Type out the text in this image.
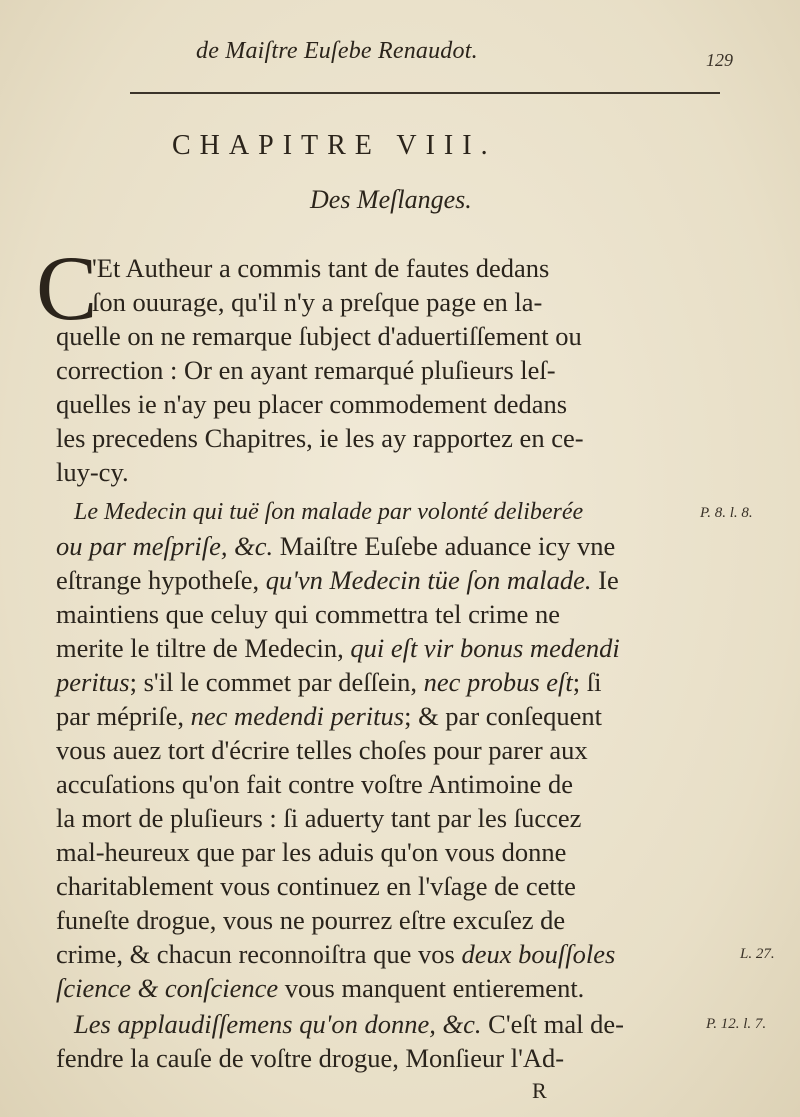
de Maiſtre Euſebe Renaudot.	129
CHAPITRE VIII.
Des Meſlanges.
C
'Et Autheur a commis tant de fautes dedans
ſon ouurage, qu'il n'y a preſque page en la-
quelle on ne remarque ſubject d'aduertiſſement ou
correction : Or en ayant remarqué pluſieurs leſ-
quelles ie n'ay peu placer commodement dedans
les precedens Chapitres, ie les ay rapportez en ce-
luy-cy.
Le Medecin qui tuë ſon malade par volonté deliberée
ou par meſpriſe, &c. Maiſtre Euſebe aduance icy vne
eſtrange hypotheſe, qu'vn Medecin tüe ſon malade. Ie
maintiens que celuy qui commettra tel crime ne
merite le tiltre de Medecin, qui eſt vir bonus medendi
peritus; s'il le commet par deſſein, nec probus eſt; ſi
par mépriſe, nec medendi peritus; & par conſequent
vous auez tort d'écrire telles choſes pour parer aux
accuſations qu'on fait contre voſtre Antimoine de
la mort de pluſieurs : ſi aduerty tant par les ſuccez
mal-heureux que par les aduis qu'on vous donne
charitablement vous continuez en l'vſage de cette
funeſte drogue, vous ne pourrez eſtre excuſez de
crime, & chacun reconnoiſtra que vos deux bouſſoles
ſcience & conſcience vous manquent entierement.
Les applaudiſſemens qu'on donne, &c. C'eſt mal de-
fendre la cauſe de voſtre drogue, Monſieur l'Ad-
P. 8. l. 8.
L. 27.
P. 12. l. 7.
R
